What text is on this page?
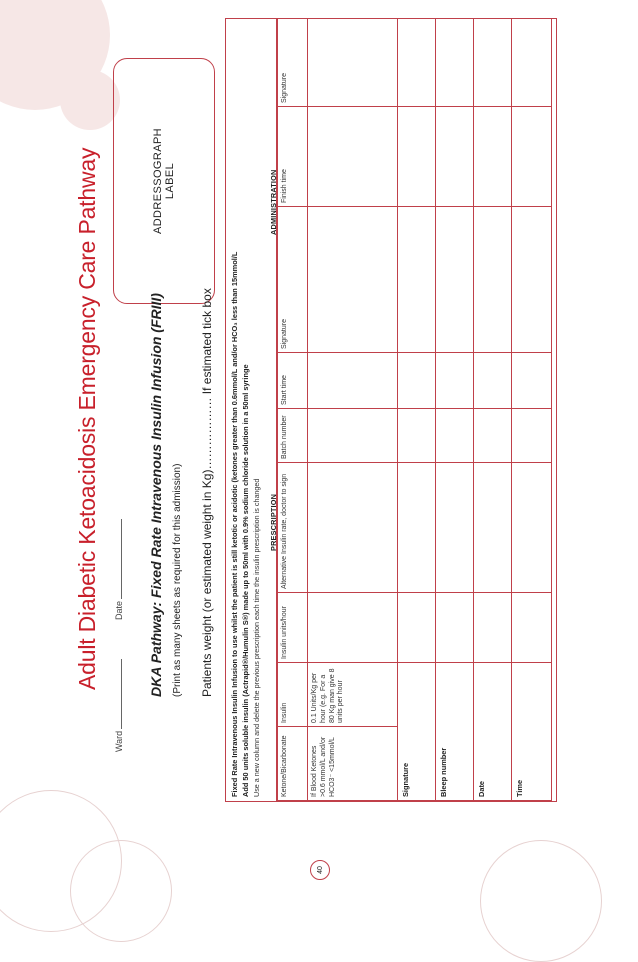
Adult Diabetic Ketoacidosis Emergency Care Pathway
Ward
Date
ADDRESSOGRAPH LABEL
DKA Pathway: Fixed Rate Intravenous Insulin Infusion (FRIII) (Print as many sheets as required for this admission) Patients weight (or estimated weight in Kg)……………… If estimated tick box Fixed Rate Intravenous Insulin Infusion to use whilst the patient is still ketotic or acidotic (ketones greater than 0.6mmol/L and/or HCO₃ less than 15mmol/L Add 50 units soluble insulin (Actrapid®/Humulin S®) made up to 50ml with 0.9% sodium chloride solution in a 50ml syringe Use a new column and delete the previous prescription each time the insulin prescription is changed PRESCRIPTION
ADMINISTRATION
Ketone/Bicarbonate	Insulin	Insulin units/hour	Alternative Insulin rate, doctor to sign	Batch number	Start time	Signature	Finish time	Signature
If Blood Ketones >0.6 mmol/L and/or HCO3⁻ <15mmol/L	0.1 Units/Kg per hour (e.g. For a 80 Kg man give 8 units per hour							
Signature								
Bleep number								
Date								
Time								
40
